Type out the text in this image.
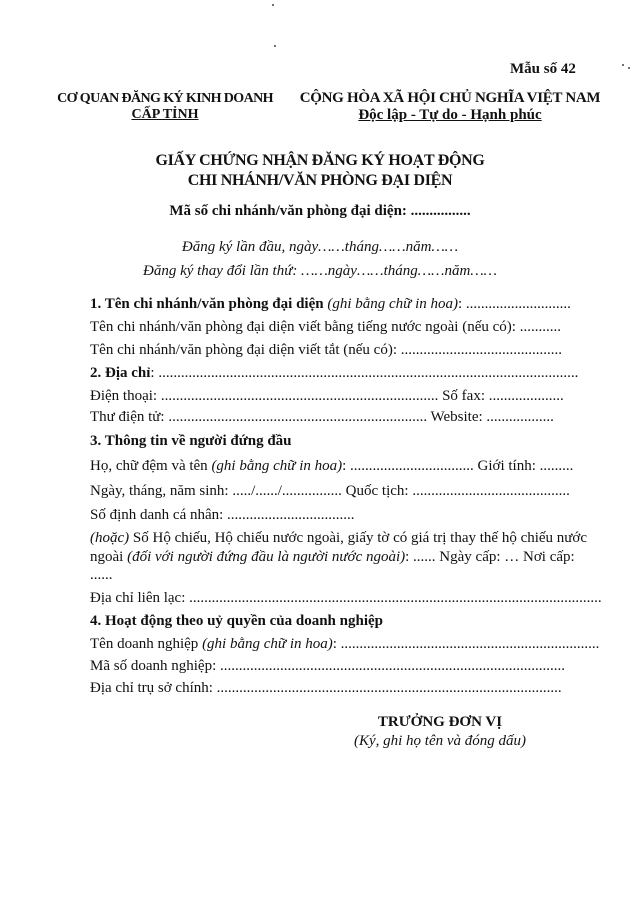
Mẫu số 42
CƠ QUAN ĐĂNG KÝ KINH DOANH
CẤP TỈNH
CỘNG HÒA XÃ HỘI CHỦ NGHĨA VIỆT NAM
Độc lập - Tự do - Hạnh phúc
GIẤY CHỨNG NHẬN ĐĂNG KÝ HOẠT ĐỘNG
CHI NHÁNH/VĂN PHÒNG ĐẠI DIỆN
Mã số chi nhánh/văn phòng đại diện: ................
Đăng ký lần đầu, ngày……tháng……năm……
Đăng ký thay đổi lần thứ: ……ngày……tháng……năm……
1. Tên chi nhánh/văn phòng đại diện (ghi bằng chữ in hoa): ............................
Tên chi nhánh/văn phòng đại diện viết bằng tiếng nước ngoài (nếu có): ...........
Tên chi nhánh/văn phòng đại diện viết tắt (nếu có): ...........................................
2. Địa chỉ: ................................................................................................................
Điện thoại: .......................................................................... Số fax: ....................
Thư điện tử: ..................................................................... Website: ..................
3. Thông tin về người đứng đầu
Họ, chữ đệm và tên (ghi bằng chữ in hoa): ................................. Giới tính: .........
Ngày, tháng, năm sinh: ...../....../................ Quốc tịch: ..........................................
Số định danh cá nhân: ..................................
(hoặc) Số Hộ chiếu, Hộ chiếu nước ngoài, giấy tờ có giá trị thay thế hộ chiếu nước
ngoài (đối với người đứng đầu là người nước ngoài): ...... Ngày cấp: … Nơi cấp:
......
Địa chỉ liên lạc: ..............................................................................................................
4. Hoạt động theo uỷ quyền của doanh nghiệp
Tên doanh nghiệp (ghi bằng chữ in hoa): .....................................................................
Mã số doanh nghiệp: ............................................................................................
Địa chỉ trụ sở chính: ............................................................................................
TRƯỞNG ĐƠN VỊ
(Ký, ghi họ tên và đóng dấu)
